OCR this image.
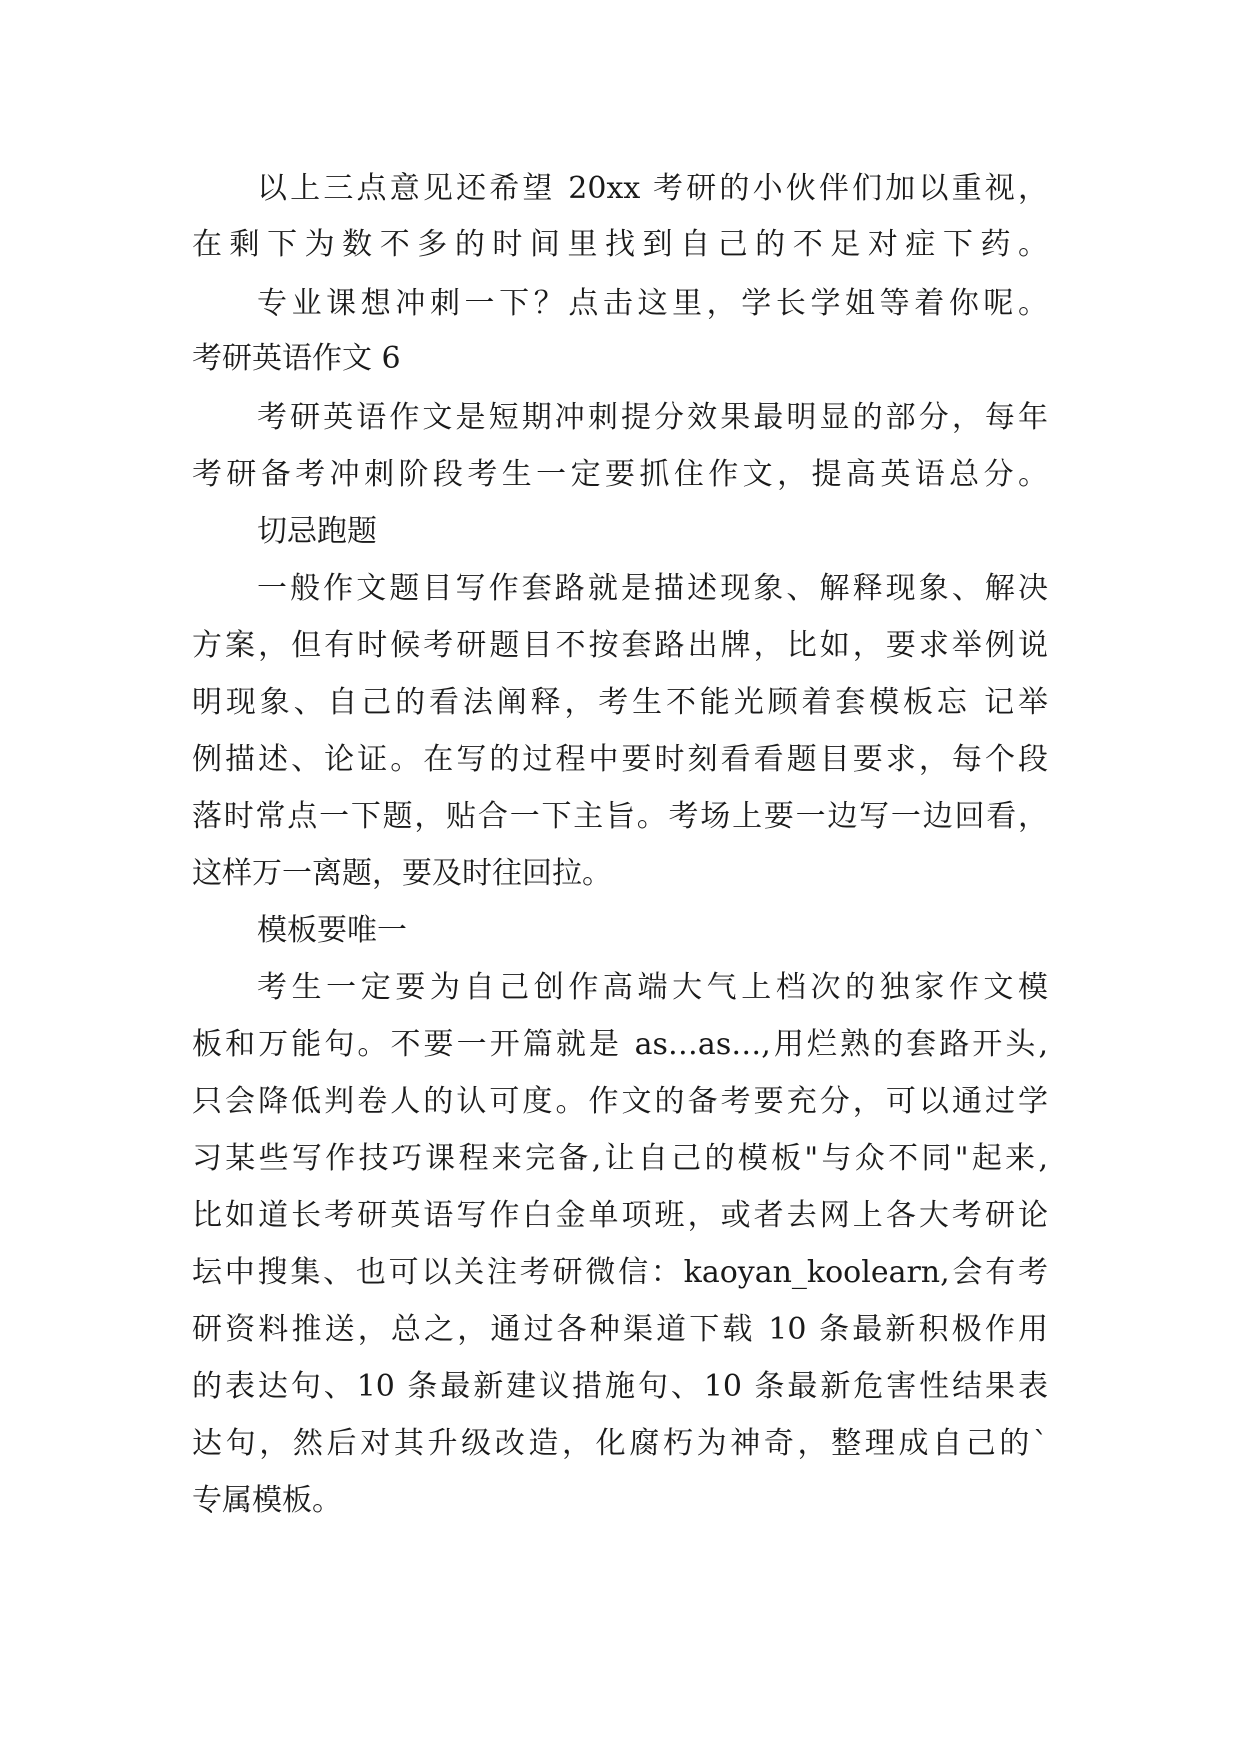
以上三点意见还希望 20xx 考研的小伙伴们加以重视，
在剩下为数不多的时间里找到自己的不足对症下药。
专业课想冲刺一下？点击这里，学长学姐等着你呢。
考研英语作文 6
考研英语作文是短期冲刺提分效果最明显的部分，每年
考研备考冲刺阶段考生一定要抓住作文，提高英语总分。
切忌跑题
一般作文题目写作套路就是描述现象、解释现象、解决
方案，但有时候考研题目不按套路出牌，比如，要求举例说
明现象、自己的看法阐释，考生不能光顾着套模板忘 记举
例描述、论证。在写的过程中要时刻看看题目要求，每个段
落时常点一下题，贴合一下主旨。考场上要一边写一边回看，
这样万一离题，要及时往回拉。
模板要唯一
考生一定要为自己创作高端大气上档次的独家作文模
板和万能句。不要一开篇就是 as…as…,用烂熟的套路开头,
只会降低判卷人的认可度。作文的备考要充分，可以通过学
习某些写作技巧课程来完备,让自己的模板"与众不同"起来,
比如道长考研英语写作白金单项班，或者去网上各大考研论
坛中搜集、也可以关注考研微信：kaoyan_koolearn,会有考
研资料推送，总之，通过各种渠道下载 10 条最新积极作用
的表达句、10 条最新建议措施句、10 条最新危害性结果表
达句，然后对其升级改造，化腐朽为神奇，整理成自己的`
专属模板。
